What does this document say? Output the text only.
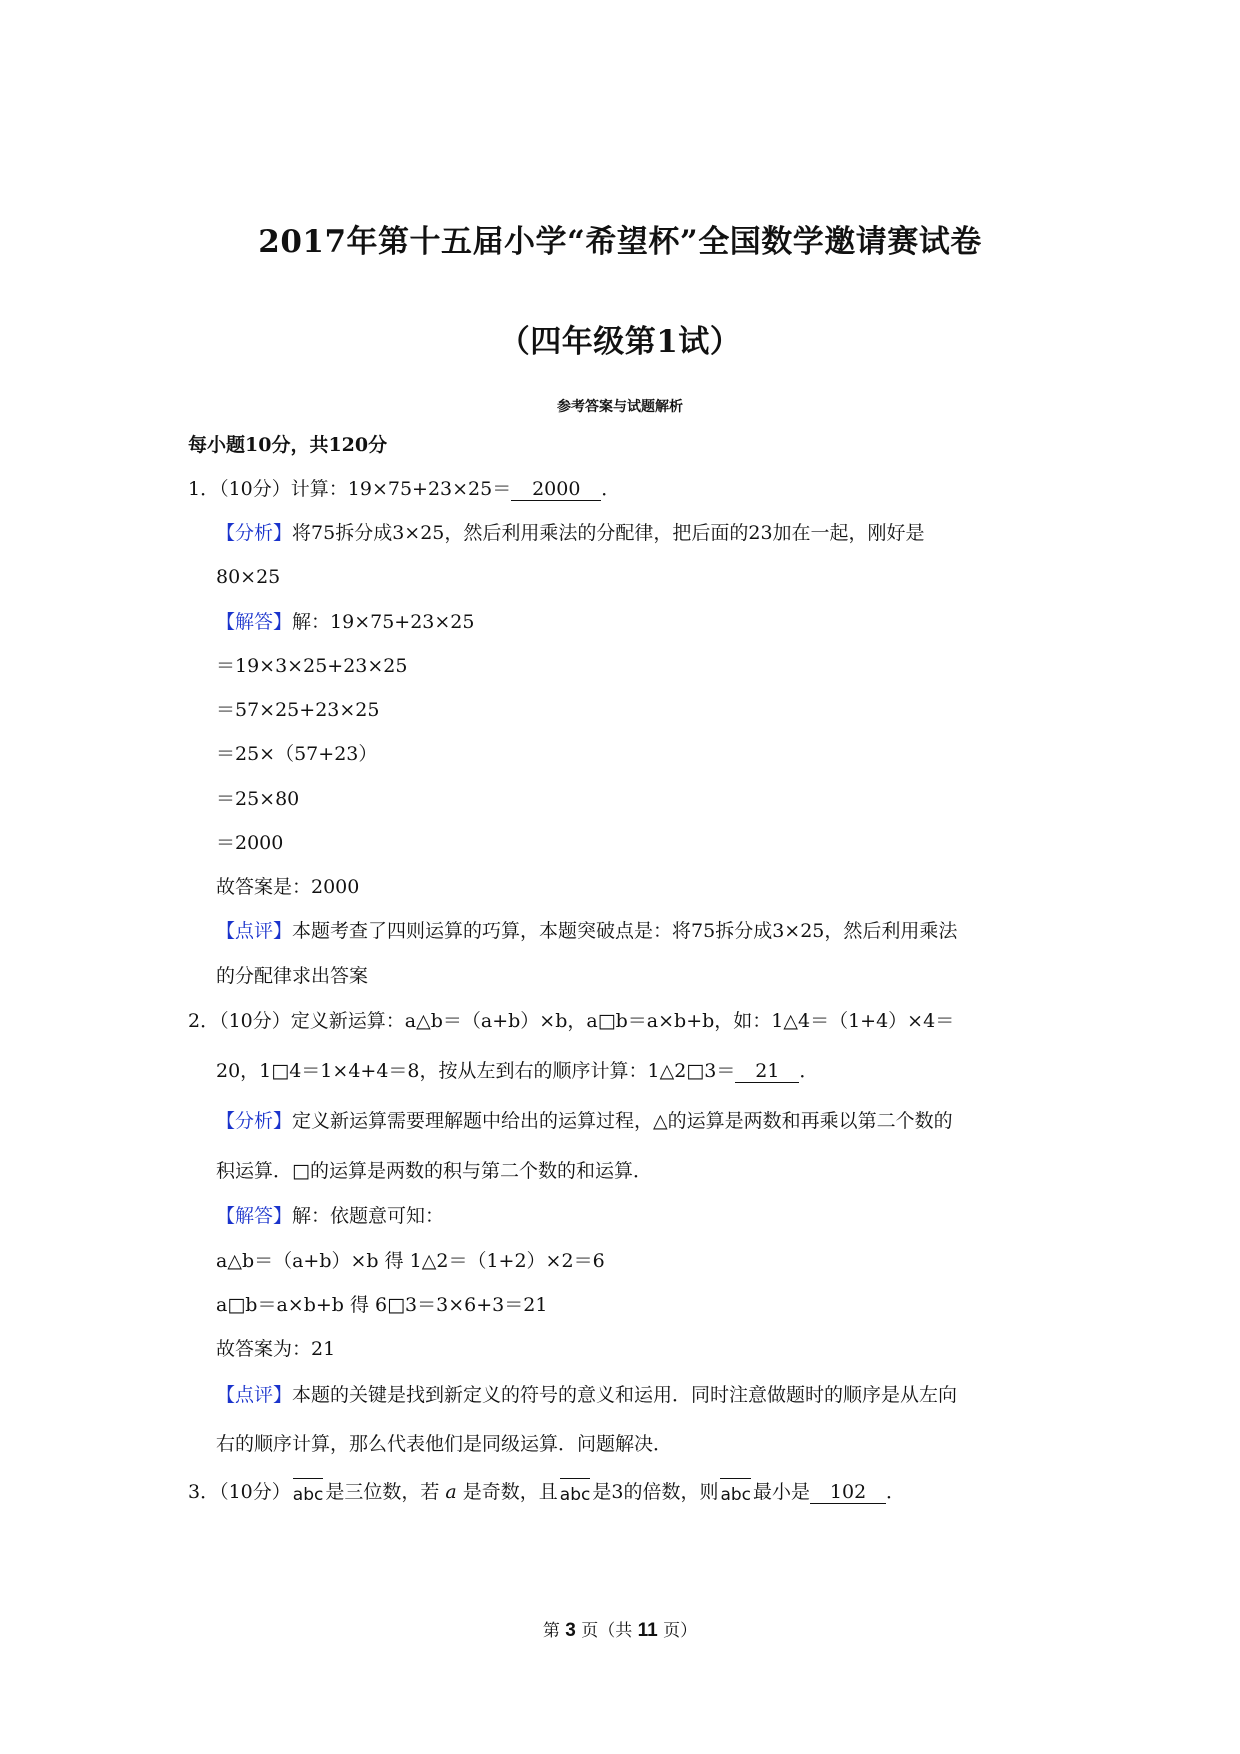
2017年第十五届小学“希望杯”全国数学邀请赛试卷
（四年级第1试）
参考答案与试题解析
每小题10分，共120分
1．（10分）计算：19×75+23×25＝ 2000 ．
【分析】将75拆分成3×25，然后利用乘法的分配律，把后面的23加在一起，刚好是
80×25
【解答】解：19×75+23×25
＝19×3×25+23×25
＝57×25+23×25
＝25×（57+23）
＝25×80
＝2000
故答案是：2000
【点评】本题考查了四则运算的巧算，本题突破点是：将75拆分成3×25，然后利用乘法
的分配律求出答案
2．（10分）定义新运算：a△b＝（a+b）×b，a□b＝a×b+b，如：1△4＝（1+4）×4＝
20，1□4＝1×4+4＝8，按从左到右的顺序计算：1△2□3＝ 21 ．
【分析】定义新运算需要理解题中给出的运算过程，△的运算是两数和再乘以第二个数的
积运算．□的运算是两数的积与第二个数的和运算．
【解答】解：依题意可知：
a△b＝（a+b）×b 得 1△2＝（1+2）×2＝6
a□b＝a×b+b 得 6□3＝3×6+3＝21
故答案为：21
【点评】本题的关键是找到新定义的符号的意义和运用．同时注意做题时的顺序是从左向
右的顺序计算，那么代表他们是同级运算．问题解决．
3．（10分） abc 是三位数，若 a 是奇数，且 abc 是3的倍数，则 abc 最小是 102 ．
第 3 页（共 11 页）
